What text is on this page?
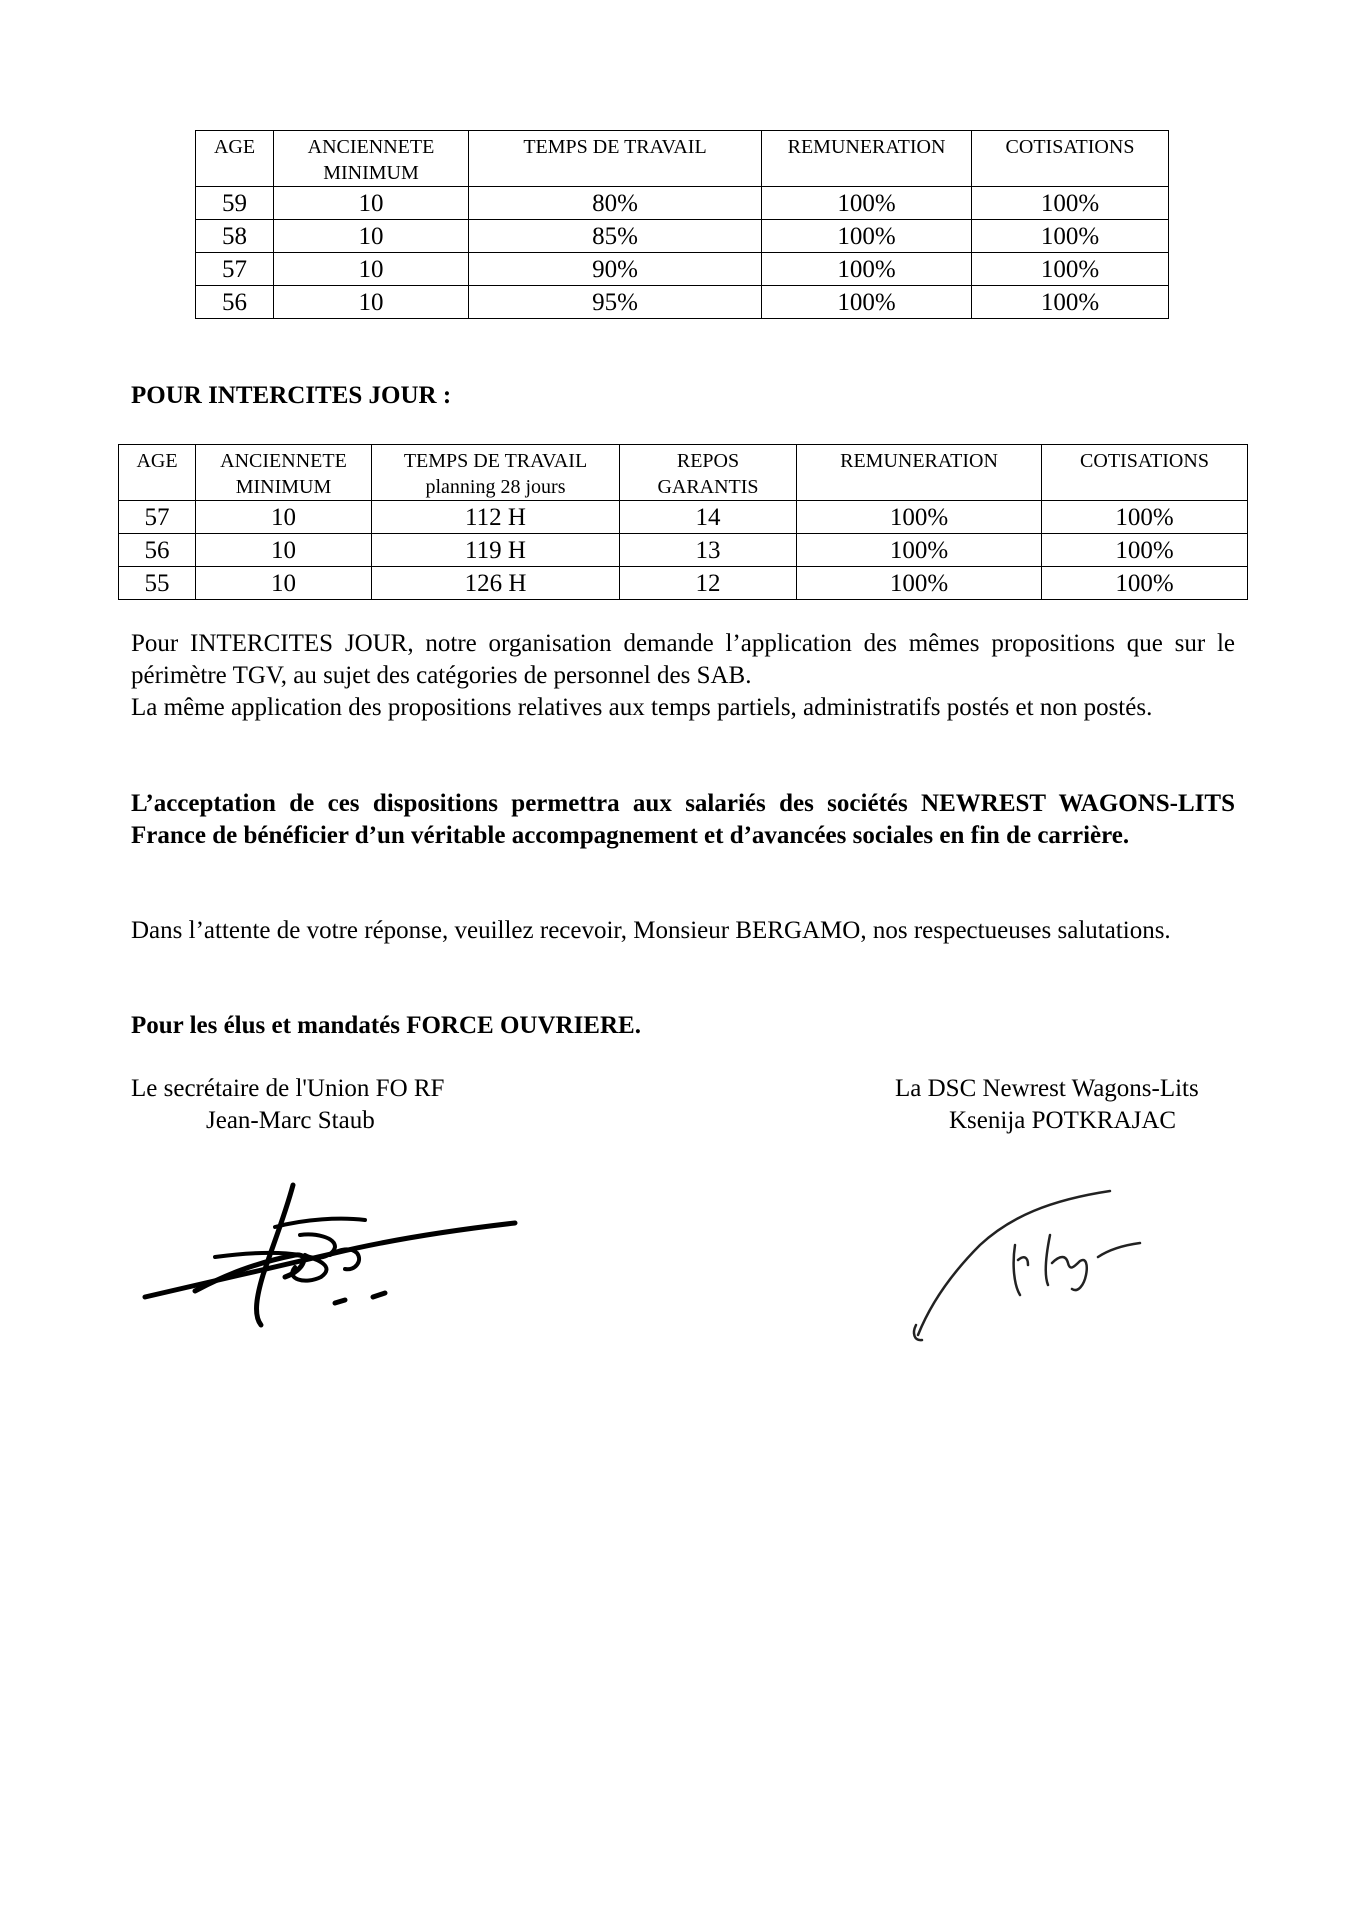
AGE	ANCIENNETE MINIMUM	TEMPS DE TRAVAIL	REMUNERATION	COTISATIONS
59	10	80%	100%	100%
58	10	85%	100%	100%
57	10	90%	100%	100%
56	10	95%	100%	100%
POUR INTERCITES JOUR :
AGE	ANCIENNETE MINIMUM	TEMPS DE TRAVAIL planning 28 jours	REPOS GARANTIS	REMUNERATION	COTISATIONS
57	10	112 H	14	100%	100%
56	10	119 H	13	100%	100%
55	10	126 H	12	100%	100%
Pour INTERCITES JOUR, notre organisation demande l’application des mêmes propositions que sur le périmètre TGV, au sujet des catégories de personnel des SAB.
La même application des propositions relatives aux temps partiels, administratifs postés et non postés.

L’acceptation de ces dispositions permettra aux salariés des sociétés NEWREST WAGONS-LITS France de bénéficier d’un véritable accompagnement et d’avancées sociales en fin de carrière.

Dans l’attente de votre réponse, veuillez recevoir, Monsieur BERGAMO, nos respectueuses salutations.

Pour les élus et mandatés FORCE OUVRIERE.

Le secrétaire de l'Union FO RF
Jean-Marc Staub
La DSC Newrest Wagons-Lits
Ksenija POTKRAJAC
